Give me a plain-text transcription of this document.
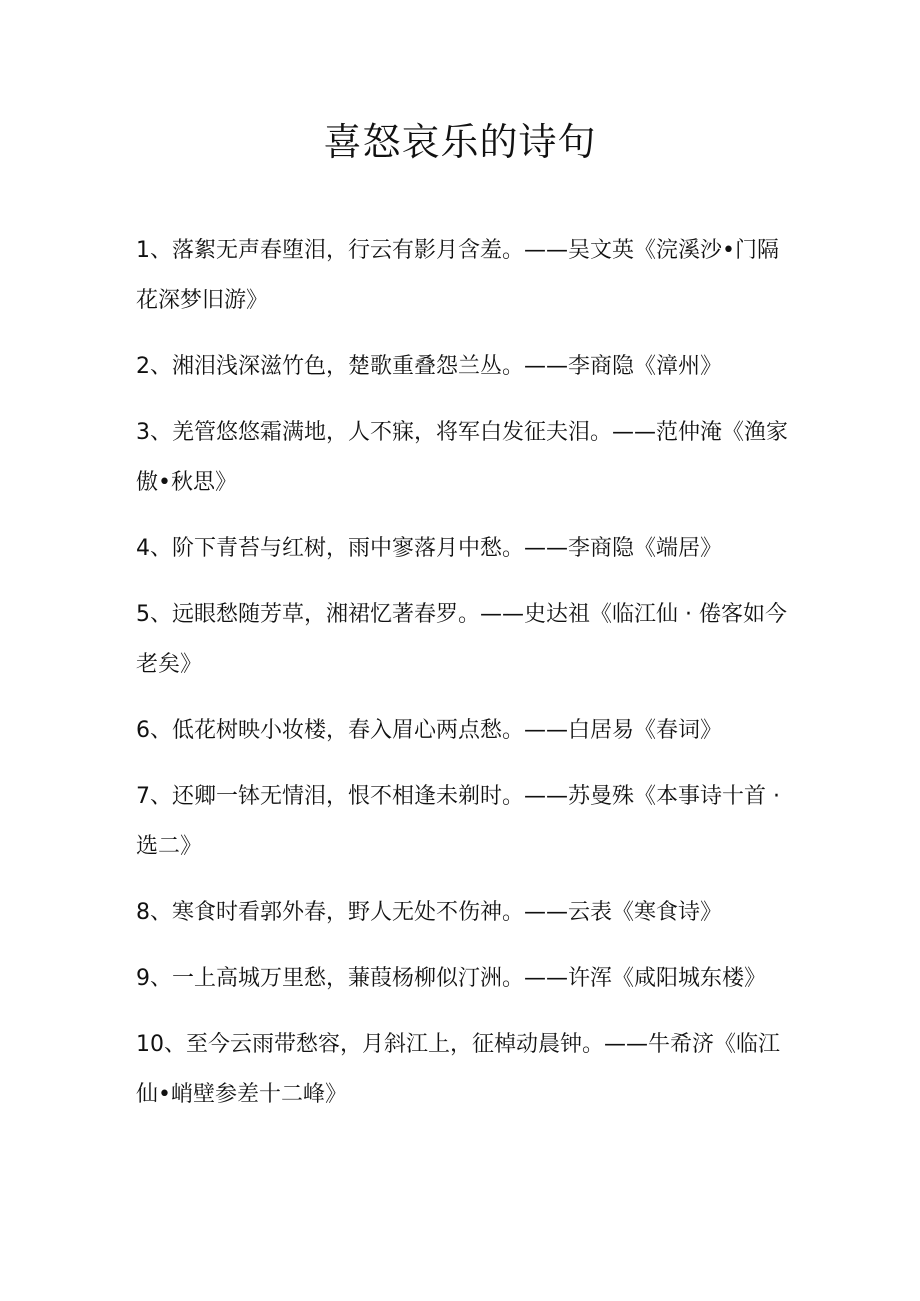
喜怒哀乐的诗句
1、落絮无声春堕泪，行云有影月含羞。——吴文英《浣溪沙•门隔花深梦旧游》
2、湘泪浅深滋竹色，楚歌重叠怨兰丛。——李商隐《漳州》
3、羌管悠悠霜满地，人不寐，将军白发征夫泪。——范仲淹《渔家傲•秋思》
4、阶下青苔与红树，雨中寥落月中愁。——李商隐《端居》
5、远眼愁随芳草，湘裙忆著春罗。——史达祖《临江仙 · 倦客如今老矣》
6、低花树映小妆楼，春入眉心两点愁。——白居易《春词》
7、还卿一钵无情泪，恨不相逢未剃时。——苏曼殊《本事诗十首 · 选二》
8、寒食时看郭外春，野人无处不伤神。——云表《寒食诗》
9、一上高城万里愁，蒹葭杨柳似汀洲。——许浑《咸阳城东楼》
10、至今云雨带愁容，月斜江上，征棹动晨钟。——牛希济《临江仙•峭壁参差十二峰》
